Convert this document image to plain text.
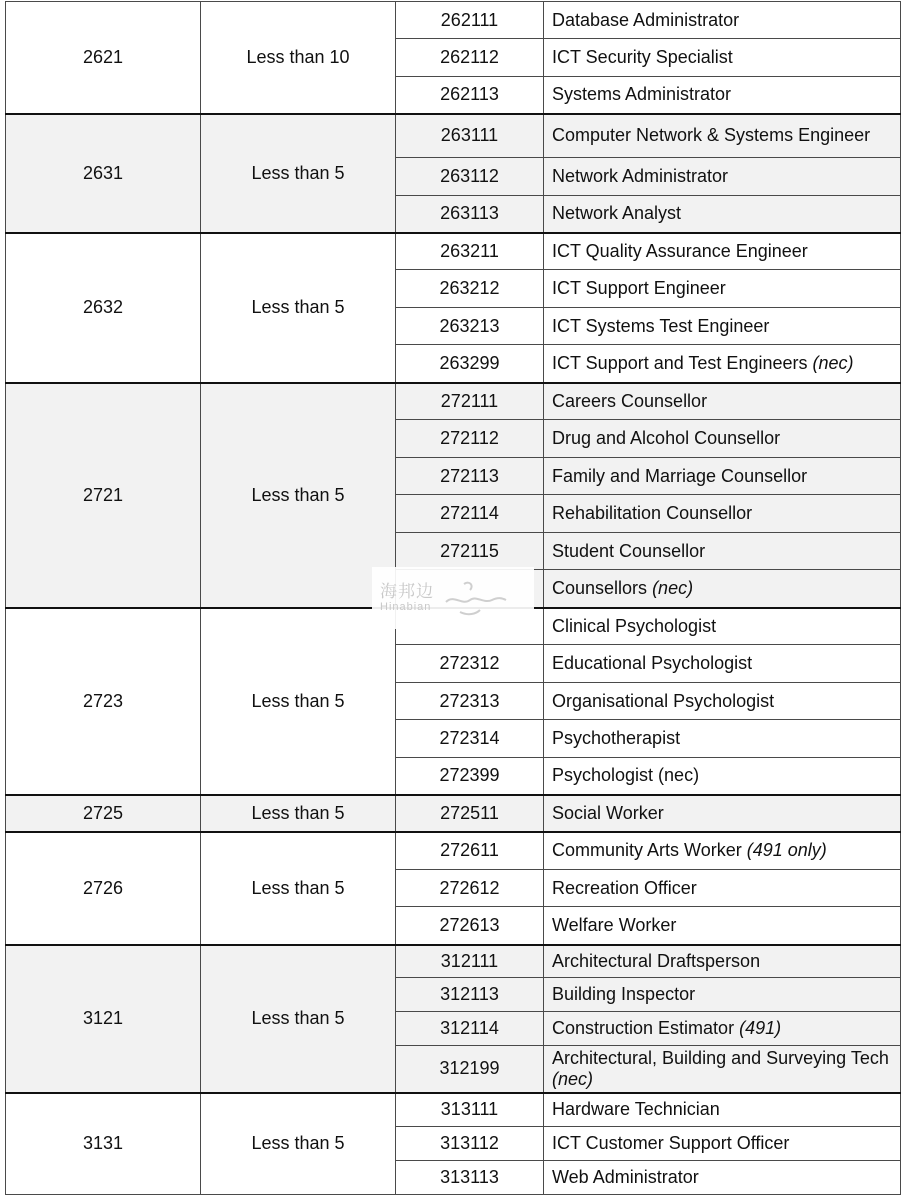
2621	Less than 10	262111	Database Administrator
		262112	ICT Security Specialist
		262113	Systems Administrator
2631	Less than 5	263111	Computer Network & Systems Engineer
		263112	Network Administrator
		263113	Network Analyst
2632	Less than 5	263211	ICT Quality Assurance Engineer
		263212	ICT Support Engineer
		263213	ICT Systems Test Engineer
		263299	ICT Support and Test Engineers (nec)
2721	Less than 5	272111	Careers Counsellor
		272112	Drug and Alcohol Counsellor
		272113	Family and Marriage Counsellor
		272114	Rehabilitation Counsellor
		272115	Student Counsellor
			Counsellors (nec)
2723	Less than 5		Clinical Psychologist
		272312	Educational Psychologist
		272313	Organisational Psychologist
		272314	Psychotherapist
		272399	Psychologist (nec)
2725	Less than 5	272511	Social Worker
2726	Less than 5	272611	Community Arts Worker (491 only)
		272612	Recreation Officer
		272613	Welfare Worker
3121	Less than 5	312111	Architectural Draftsperson
		312113	Building Inspector
		312114	Construction Estimator (491)
		312199	Architectural, Building and Surveying Tech (nec)
3131	Less than 5	313111	Hardware Technician
		313112	ICT Customer Support Officer
		313113	Web Administrator
海邦边
Hinabian
